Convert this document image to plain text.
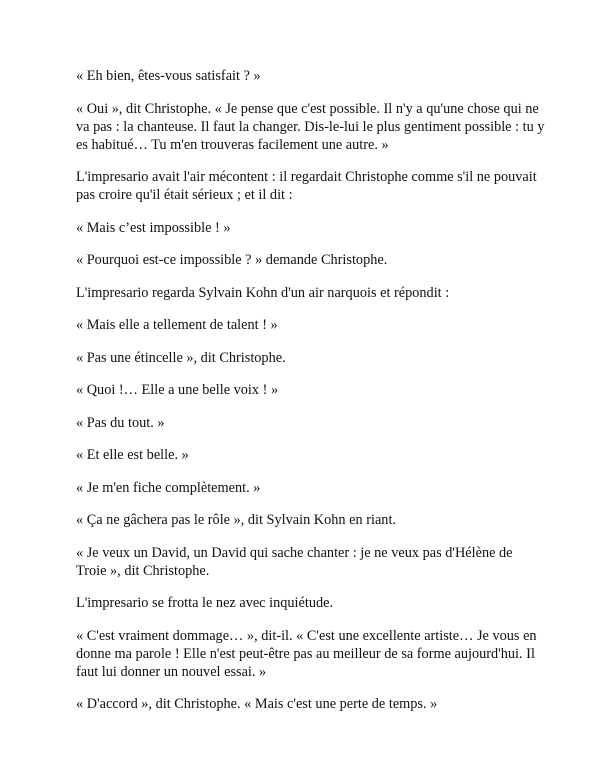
« Eh bien, êtes-vous satisfait ? »

« Oui », dit Christophe. « Je pense que c'est possible. Il n'y a qu'une chose qui ne va pas : la chanteuse. Il faut la changer. Dis-le-lui le plus gentiment possible : tu y es habitué… Tu m'en trouveras facilement une autre. »

L'impresario avait l'air mécontent : il regardait Christophe comme s'il ne pouvait pas croire qu'il était sérieux ; et il dit :

« Mais c’est impossible ! »

« Pourquoi est-ce impossible ? » demande Christophe.

L'impresario regarda Sylvain Kohn d'un air narquois et répondit :

« Mais elle a tellement de talent ! »

« Pas une étincelle », dit Christophe.

« Quoi !… Elle a une belle voix ! »

« Pas du tout. »

« Et elle est belle. »

« Je m'en fiche complètement. »

« Ça ne gâchera pas le rôle », dit Sylvain Kohn en riant.

« Je veux un David, un David qui sache chanter : je ne veux pas d'Hélène de Troie », dit Christophe.

L'impresario se frotta le nez avec inquiétude.

« C'est vraiment dommage… », dit-il. « C'est une excellente artiste… Je vous en donne ma parole ! Elle n'est peut-être pas au meilleur de sa forme aujourd'hui. Il faut lui donner un nouvel essai. »

« D'accord », dit Christophe. « Mais c'est une perte de temps. »
